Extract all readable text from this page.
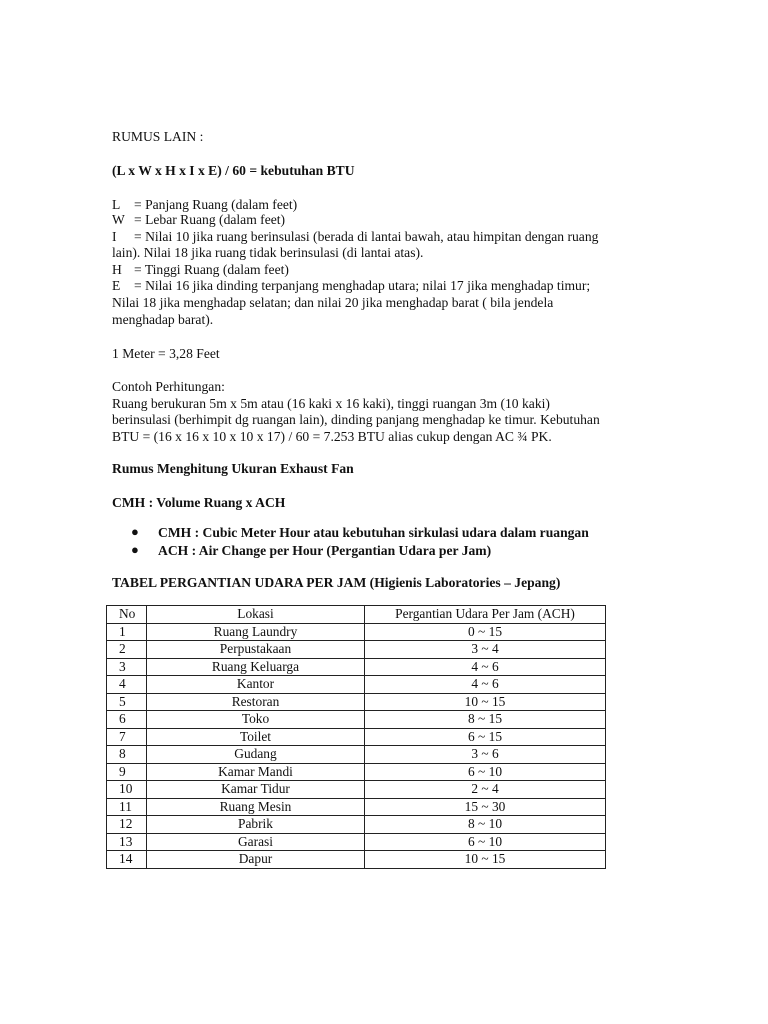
RUMUS LAIN :

(L x W x H x I x E) / 60 = kebutuhan BTU

L = Panjang Ruang (dalam feet)

W = Lebar Ruang (dalam feet)

I = Nilai 10 jika ruang berinsulasi (berada di lantai bawah, atau himpitan dengan ruang

lain). Nilai 18 jika ruang tidak berinsulasi (di lantai atas).

H = Tinggi Ruang (dalam feet)

E = Nilai 16 jika dinding terpanjang menghadap utara; nilai 17 jika menghadap timur;

Nilai 18 jika menghadap selatan; dan nilai 20 jika menghadap barat ( bila jendela

menghadap barat).

1 Meter = 3,28 Feet

Contoh Perhitungan:

Ruang berukuran 5m x 5m atau (16 kaki x 16 kaki), tinggi ruangan 3m (10 kaki)

berinsulasi (berhimpit dg ruangan lain), dinding panjang menghadap ke timur. Kebutuhan

BTU = (16 x 16 x 10 x 10 x 17) / 60 = 7.253 BTU alias cukup dengan AC ¾ PK.

Rumus Menghitung Ukuran Exhaust Fan

CMH : Volume Ruang x ACH

● CMH : Cubic Meter Hour atau kebutuhan sirkulasi udara dalam ruangan
● ACH : Air Change per Hour (Pergantian Udara per Jam)

TABEL PERGANTIAN UDARA PER JAM (Higienis Laboratories – Jepang)

No	Lokasi	Pergantian Udara Per Jam (ACH)
1	Ruang Laundry	0 ~ 15
2	Perpustakaan	3 ~ 4
3	Ruang Keluarga	4 ~ 6
4	Kantor	4 ~ 6
5	Restoran	10 ~ 15
6	Toko	8 ~ 15
7	Toilet	6 ~ 15
8	Gudang	3 ~ 6
9	Kamar Mandi	6 ~ 10
10	Kamar Tidur	2 ~ 4
11	Ruang Mesin	15 ~ 30
12	Pabrik	8 ~ 10
13	Garasi	6 ~ 10
14	Dapur	10 ~ 15
